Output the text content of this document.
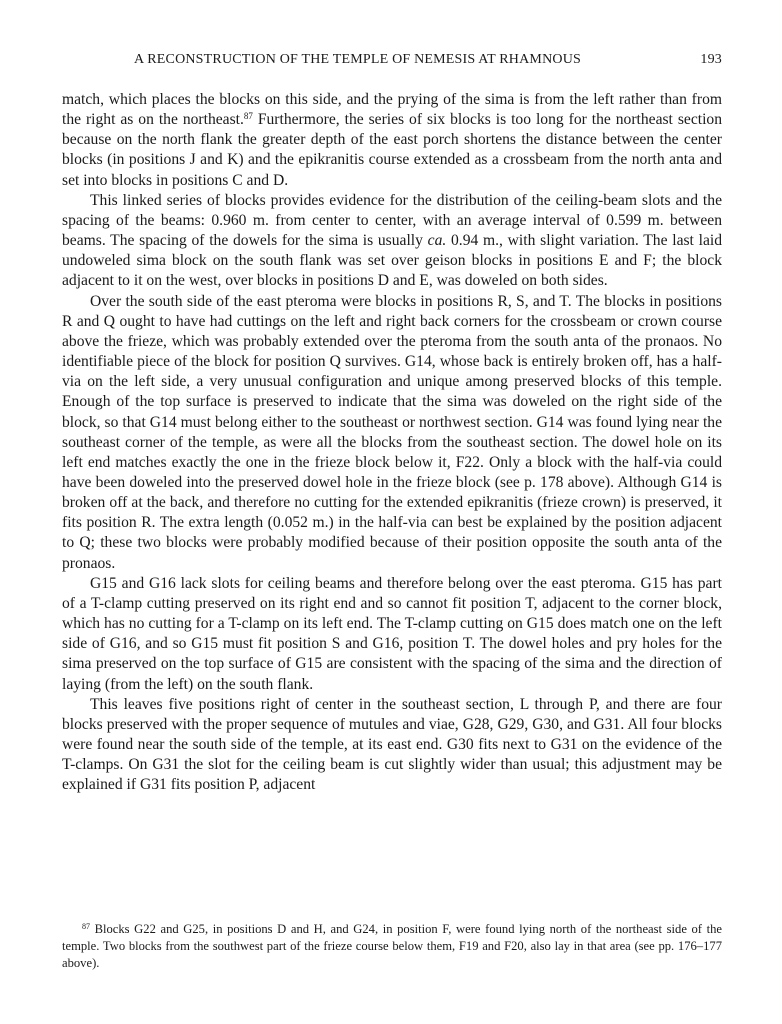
A RECONSTRUCTION OF THE TEMPLE OF NEMESIS AT RHAMNOUS	193

match, which places the blocks on this side, and the prying of the sima is from the left rather than from the right as on the northeast.$^{87}$ Furthermore, the series of six blocks is too long for the northeast section because on the north flank the greater depth of the east porch shortens the distance between the center blocks (in positions J and K) and the epikranitis course extended as a crossbeam from the north anta and set into blocks in positions C and D.

This linked series of blocks provides evidence for the distribution of the ceiling-beam slots and the spacing of the beams: 0.960 m. from center to center, with an average interval of 0.599 m. between beams. The spacing of the dowels for the sima is usually ca. 0.94 m., with slight variation. The last laid undoweled sima block on the south flank was set over geison blocks in positions E and F; the block adjacent to it on the west, over blocks in positions D and E, was doweled on both sides.

Over the south side of the east pteroma were blocks in positions R, S, and T. The blocks in positions R and Q ought to have had cuttings on the left and right back corners for the crossbeam or crown course above the frieze, which was probably extended over the pteroma from the south anta of the pronaos. No identifiable piece of the block for position Q survives. G14, whose back is entirely broken off, has a half-via on the left side, a very unusual configuration and unique among preserved blocks of this temple. Enough of the top surface is preserved to indicate that the sima was doweled on the right side of the block, so that G14 must belong either to the southeast or northwest section. G14 was found lying near the southeast corner of the temple, as were all the blocks from the southeast section. The dowel hole on its left end matches exactly the one in the frieze block below it, F22. Only a block with the half-via could have been doweled into the preserved dowel hole in the frieze block (see p. 178 above). Although G14 is broken off at the back, and therefore no cutting for the extended epikranitis (frieze crown) is preserved, it fits position R. The extra length (0.052 m.) in the half-via can best be explained by the position adjacent to Q; these two blocks were probably modified because of their position opposite the south anta of the pronaos.

G15 and G16 lack slots for ceiling beams and therefore belong over the east pteroma. G15 has part of a T-clamp cutting preserved on its right end and so cannot fit position T, adjacent to the corner block, which has no cutting for a T-clamp on its left end. The T-clamp cutting on G15 does match one on the left side of G16, and so G15 must fit position S and G16, position T. The dowel holes and pry holes for the sima preserved on the top surface of G15 are consistent with the spacing of the sima and the direction of laying (from the left) on the south flank.

This leaves five positions right of center in the southeast section, L through P, and there are four blocks preserved with the proper sequence of mutules and viae, G28, G29, G30, and G31. All four blocks were found near the south side of the temple, at its east end. G30 fits next to G31 on the evidence of the T-clamps. On G31 the slot for the ceiling beam is cut slightly wider than usual; this adjustment may be explained if G31 fits position P, adjacent

$^{87}$ Blocks G22 and G25, in positions D and H, and G24, in position F, were found lying north of the northeast side of the temple. Two blocks from the southwest part of the frieze course below them, F19 and F20, also lay in that area (see pp. 176–177 above).
